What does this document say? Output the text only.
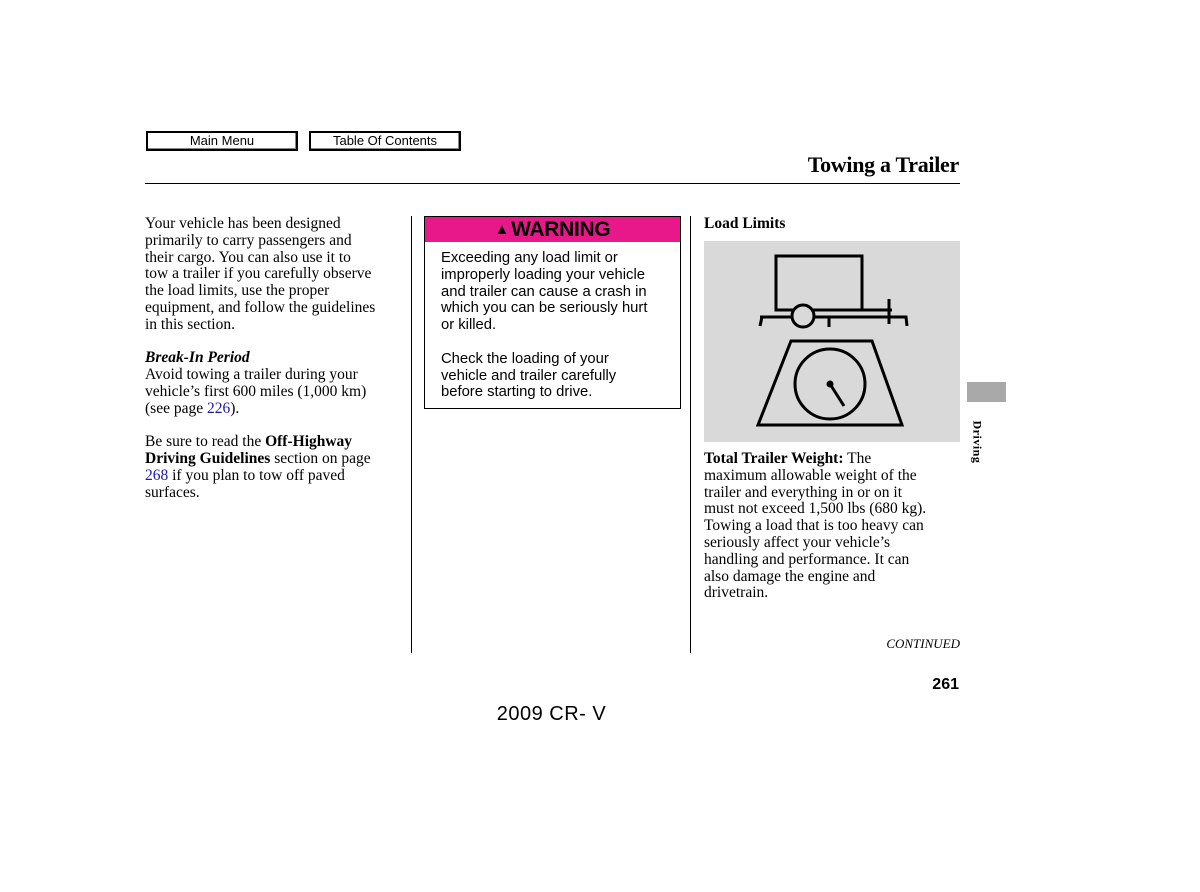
Main Menu	Table Of Contents
Towing a Trailer

Your vehicle has been designed

primarily to carry passengers and

their cargo. You can also use it to

tow a trailer if you carefully observe

the load limits, use the proper

equipment, and follow the guidelines

in this section.

Break-In Period

Avoid towing a trailer during your

vehicle’s first 600 miles (1,000 km)

(see page 226).

Be sure to read the Off-Highway

Driving Guidelines section on page

268 if you plan to tow off paved

surfaces.

▲WARNING

Exceeding any load limit or

improperly loading your vehicle

and trailer can cause a crash in

which you can be seriously hurt

or killed.

Check the loading of your

vehicle and trailer carefully

before starting to drive.

Load Limits

Total Trailer Weight: The

maximum allowable weight of the

trailer and everything in or on it

must not exceed 1,500 lbs (680 kg).

Towing a load that is too heavy can

seriously affect your vehicle’s

handling and performance. It can

also damage the engine and

drivetrain.

Driving
CONTINUED
261
2009 CR- V
